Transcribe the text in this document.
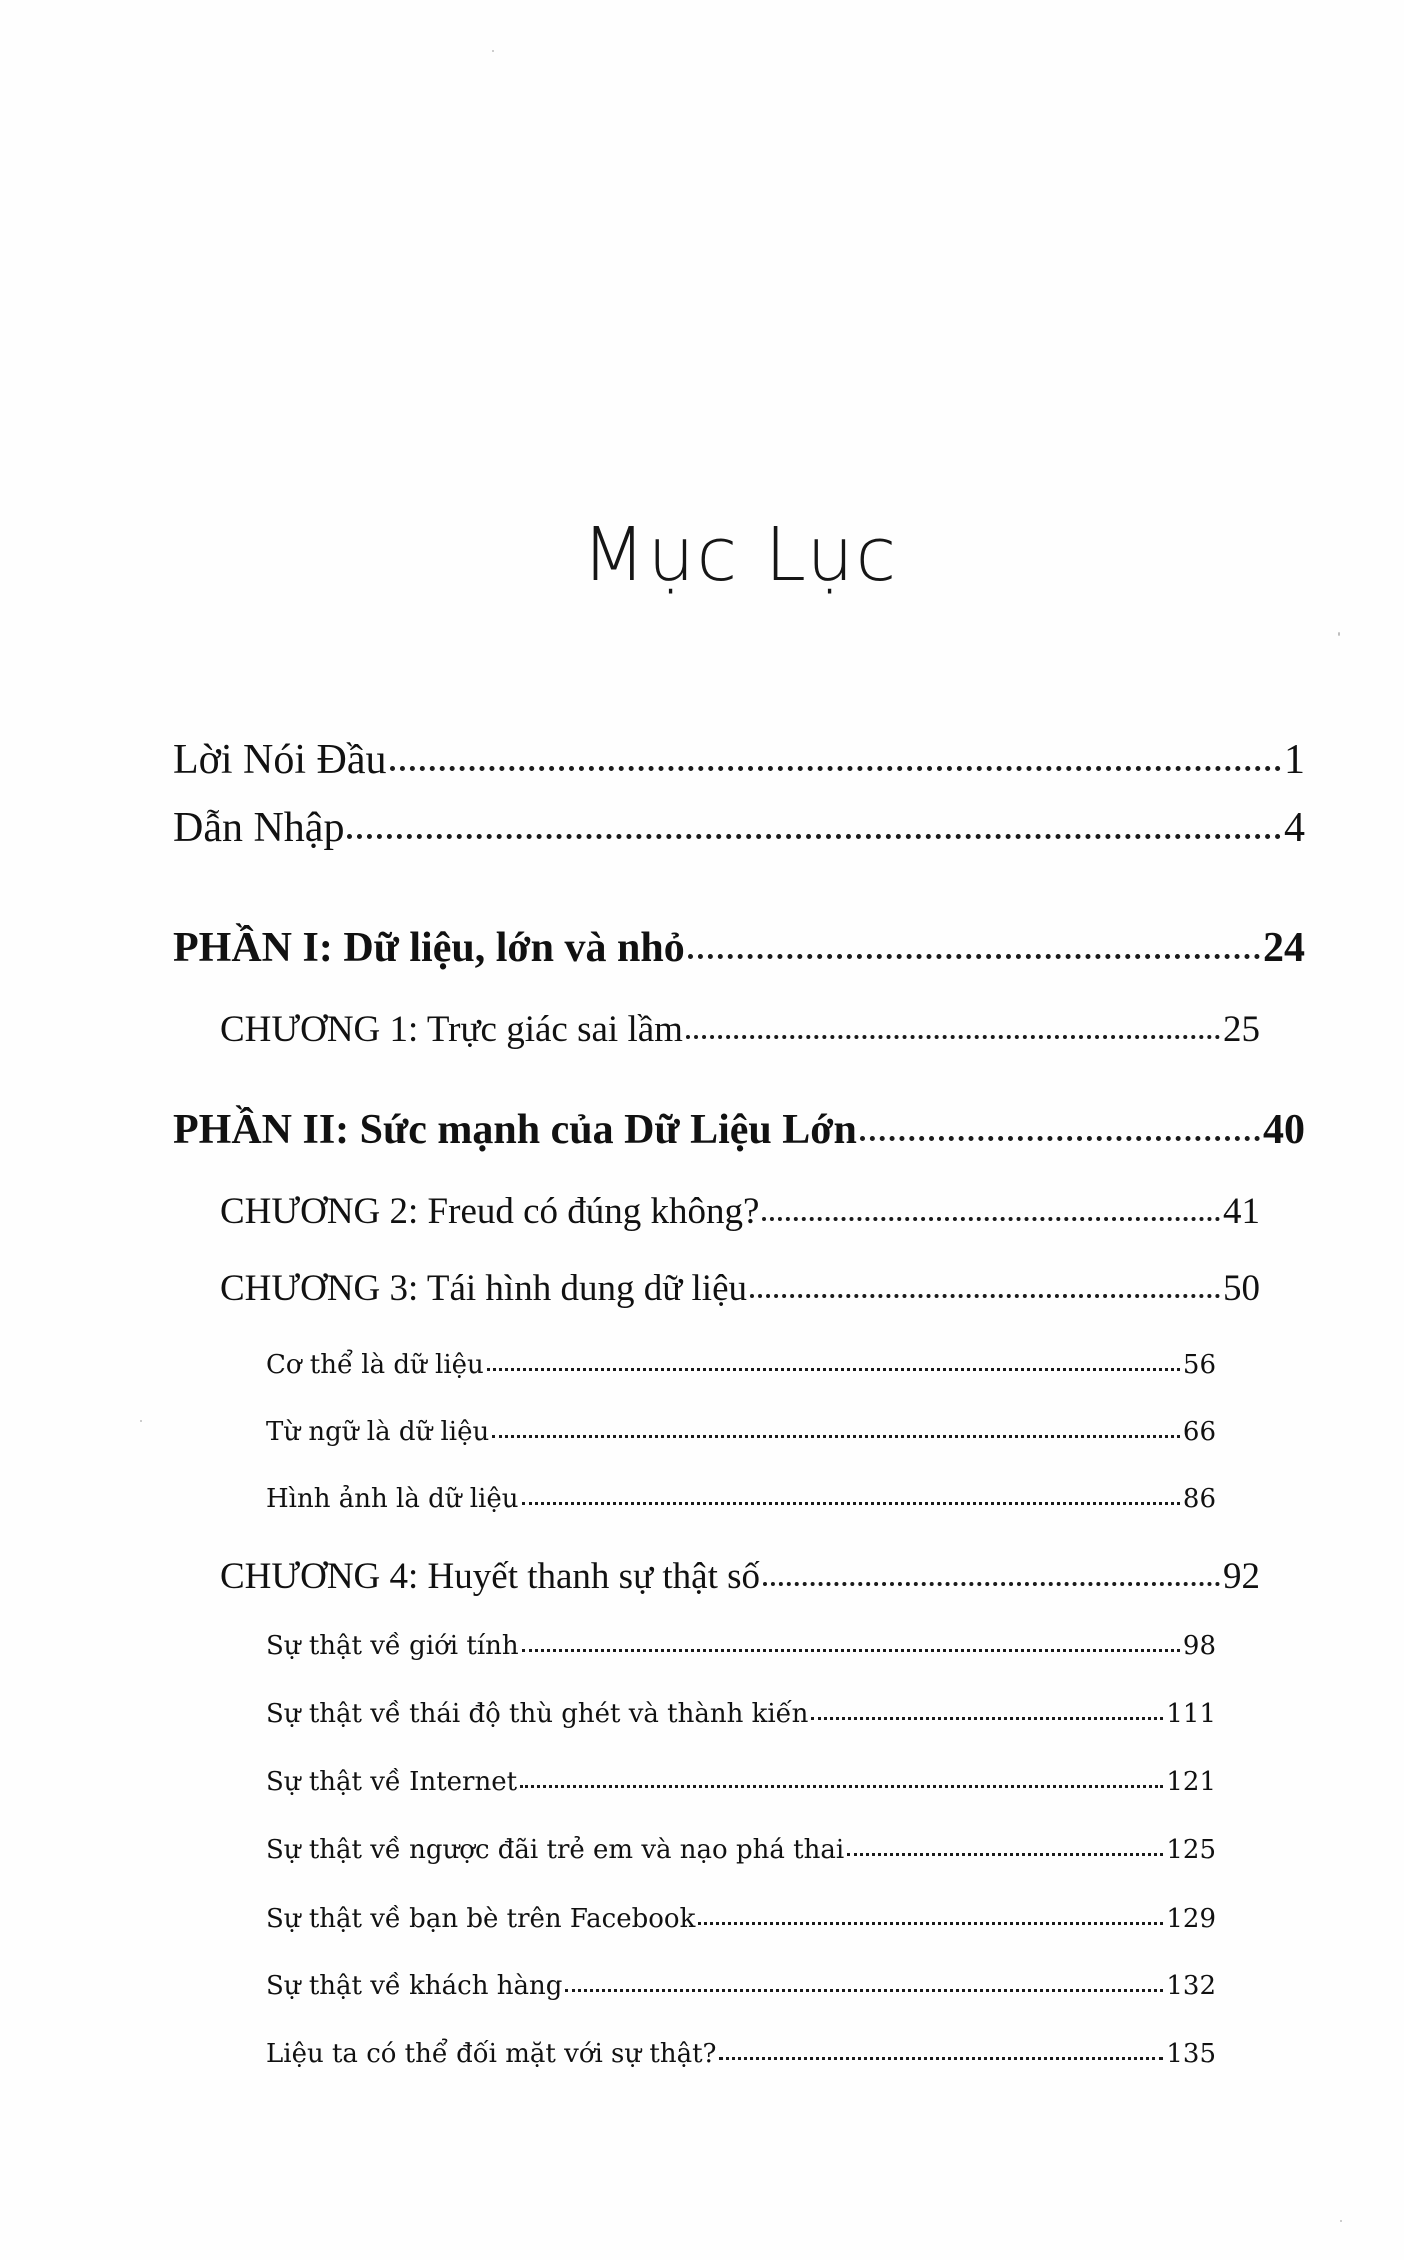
Mục Lục
Lời Nói Đầu	1
Dẫn Nhập	4
PHẦN I: Dữ liệu, lớn và nhỏ	24
CHƯƠNG 1: Trực giác sai lầm	25
PHẦN II: Sức mạnh của Dữ Liệu Lớn	40
CHƯƠNG 2: Freud có đúng không?	41
CHƯƠNG 3: Tái hình dung dữ liệu	50
Cơ thể là dữ liệu	56
Từ ngữ là dữ liệu	66
Hình ảnh là dữ liệu	86
CHƯƠNG 4: Huyết thanh sự thật số	92
Sự thật về giới tính	98
Sự thật về thái độ thù ghét và thành kiến	111
Sự thật về Internet	121
Sự thật về ngược đãi trẻ em và nạo phá thai	125
Sự thật về bạn bè trên Facebook	129
Sự thật về khách hàng	132
Liệu ta có thể đối mặt với sự thật?	135
